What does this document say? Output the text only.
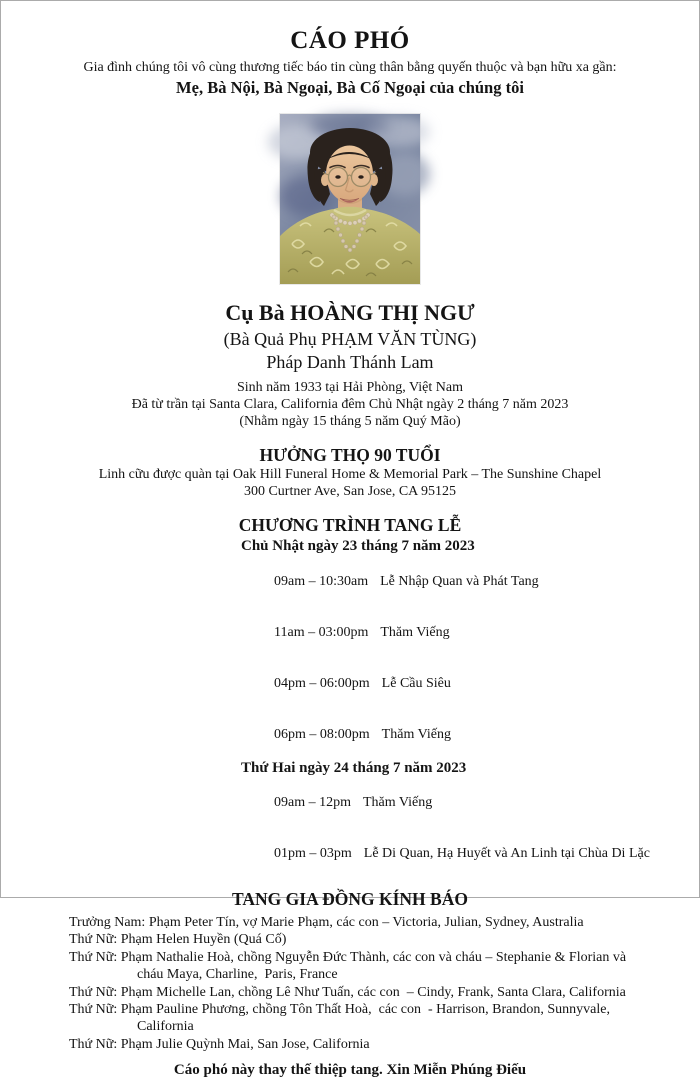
CÁO PHÓ
Gia đình chúng tôi vô cùng thương tiếc báo tin cùng thân bằng quyến thuộc và bạn hữu xa gần:
Mẹ, Bà Nội, Bà Ngoại, Bà Cố Ngoại của chúng tôi
Cụ Bà HOÀNG THỊ NGƯ
(Bà Quả Phụ PHẠM VĂN TÙNG)
Pháp Danh Thánh Lam
Sinh năm 1933 tại Hải Phòng, Việt Nam
Đã từ trần tại Santa Clara, California đêm Chủ Nhật ngày 2 tháng 7 năm 2023
(Nhằm ngày 15 tháng 5 năm Quý Mão)
HƯỞNG THỌ 90 TUỔI
Linh cữu được quàn tại Oak Hill Funeral Home & Memorial Park – The Sunshine Chapel
300 Curtner Ave, San Jose, CA 95125
CHƯƠNG TRÌNH TANG LỄ
Chủ Nhật ngày 23 tháng 7 năm 2023

09am – 10:30am Lễ Nhập Quan và Phát Tang

11am – 03:00pm Thăm Viếng

04pm – 06:00pm Lễ Cầu Siêu

06pm – 08:00pm Thăm Viếng

Thứ Hai ngày 24 tháng 7 năm 2023

09am – 12pm Thăm Viếng

01pm – 03pm Lễ Di Quan, Hạ Huyết và An Linh tại Chùa Di Lặc

TANG GIA ĐỒNG KÍNH BÁO
Trưởng Nam: Phạm Peter Tín, vợ Marie Phạm, các con – Victoria, Julian, Sydney, Australia
Thứ Nữ: Phạm Helen Huyền (Quá Cố)
Thứ Nữ: Phạm Nathalie Hoà, chồng Nguyễn Đức Thành, các con và cháu – Stephanie & Florian và
cháu Maya, Charline,  Paris, France
Thứ Nữ: Phạm Michelle Lan, chồng Lê Như Tuấn, các con  – Cindy, Frank, Santa Clara, California
Thứ Nữ: Phạm Pauline Phương, chồng Tôn Thất Hoà,  các con  - Harrison, Brandon, Sunnyvale,
California
Thứ Nữ: Phạm Julie Quỳnh Mai, San Jose, California
Cáo phó này thay thế thiệp tang. Xin Miễn Phúng Điếu
